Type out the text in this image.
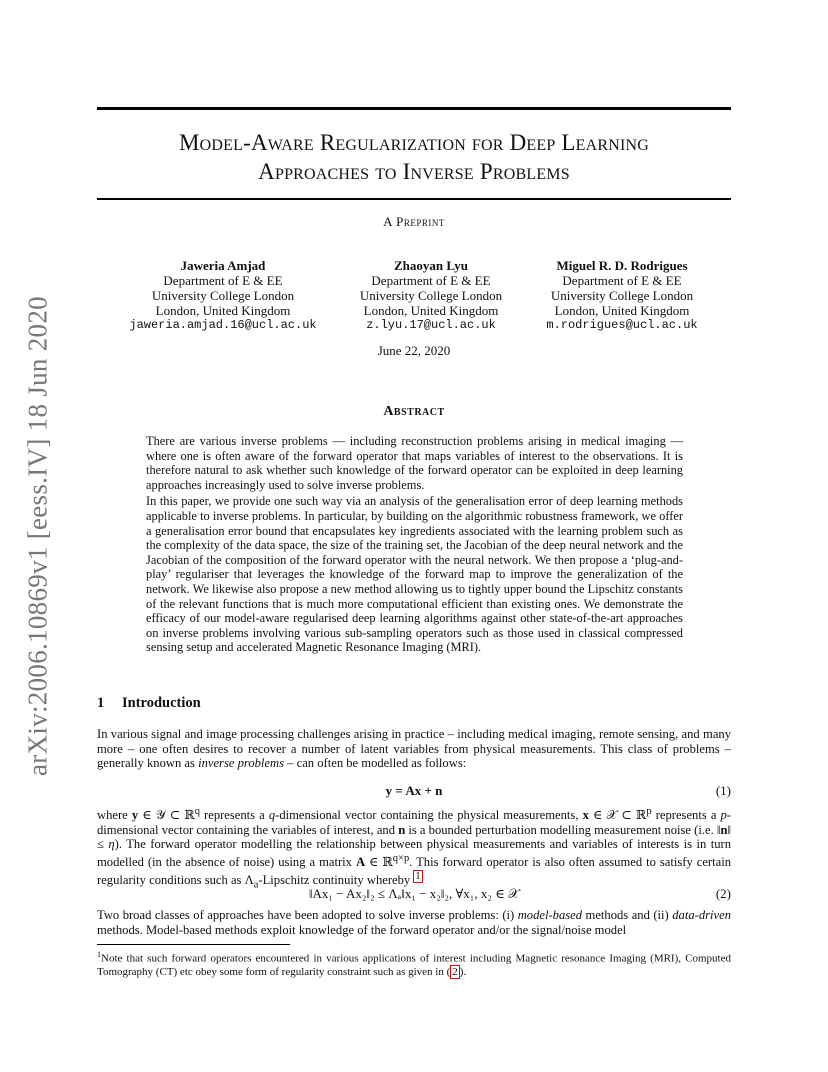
arXiv:2006.10869v1 [eess.IV] 18 Jun 2020
Model-Aware Regularization for Deep Learning
Approaches to Inverse Problems
A Preprint
Jaweria Amjad
Department of E & EE
University College London
London, United Kingdom
jaweria.amjad.16@ucl.ac.uk
Zhaoyan Lyu
Department of E & EE
University College London
London, United Kingdom
z.lyu.17@ucl.ac.uk
Miguel R. D. Rodrigues
Department of E & EE
University College London
London, United Kingdom
m.rodrigues@ucl.ac.uk
June 22, 2020
Abstract

There are various inverse problems — including reconstruction problems arising in medical imaging — where one is often aware of the forward operator that maps variables of interest to the observations. It is therefore natural to ask whether such knowledge of the forward operator can be exploited in deep learning approaches increasingly used to solve inverse problems.

In this paper, we provide one such way via an analysis of the generalisation error of deep learning methods applicable to inverse problems. In particular, by building on the algorithmic robustness framework, we offer a generalisation error bound that encapsulates key ingredients associated with the learning problem such as the complexity of the data space, the size of the training set, the Jacobian of the deep neural network and the Jacobian of the composition of the forward operator with the neural network. We then propose a ‘plug-and-play’ regulariser that leverages the knowledge of the forward map to improve the generalization of the network. We likewise also propose a new method allowing us to tightly upper bound the Lipschitz constants of the relevant functions that is much more computational efficient than existing ones. We demonstrate the efficacy of our model-aware regularised deep learning algorithms against other state-of-the-art approaches on inverse problems involving various sub-sampling operators such as those used in classical compressed sensing setup and accelerated Magnetic Resonance Imaging (MRI).

1 Introduction
In various signal and image processing challenges arising in practice – including medical imaging, remote sensing, and many more – one often desires to recover a number of latent variables from physical measurements. This class of problems – generally known as inverse problems – can often be modelled as follows:
y = Ax + n	(1)
where y ∈ 𝒴 ⊂ ℝ$^q$ represents a q-dimensional vector containing the physical measurements, x ∈ 𝒳 ⊂ ℝ$^p$ represents a p-dimensional vector containing the variables of interest, and n is a bounded perturbation modelling measurement noise (i.e. ‖n‖ ≤ η). The forward operator modelling the relationship between physical measurements and variables of interests is in turn modelled (in the absence of noise) using a matrix A ∈ ℝ$^{q\times p}$. This forward operator is also often assumed to satisfy certain regularity conditions such as $\Lambda_a$-Lipschitz continuity whereby $^1$
‖Ax₁ − Ax₂‖₂ ≤ Λₐ‖x₁ − x₂‖₂, ∀x₁, x₂ ∈ 𝒳	(2)
Two broad classes of approaches have been adopted to solve inverse problems: (i) model-based methods and (ii) data-driven methods. Model-based methods exploit knowledge of the forward operator and/or the signal/noise model
$^1$Note that such forward operators encountered in various applications of interest including Magnetic resonance Imaging (MRI), Computed Tomography (CT) etc obey some form of regularity constraint such as given in ( 2 ).
